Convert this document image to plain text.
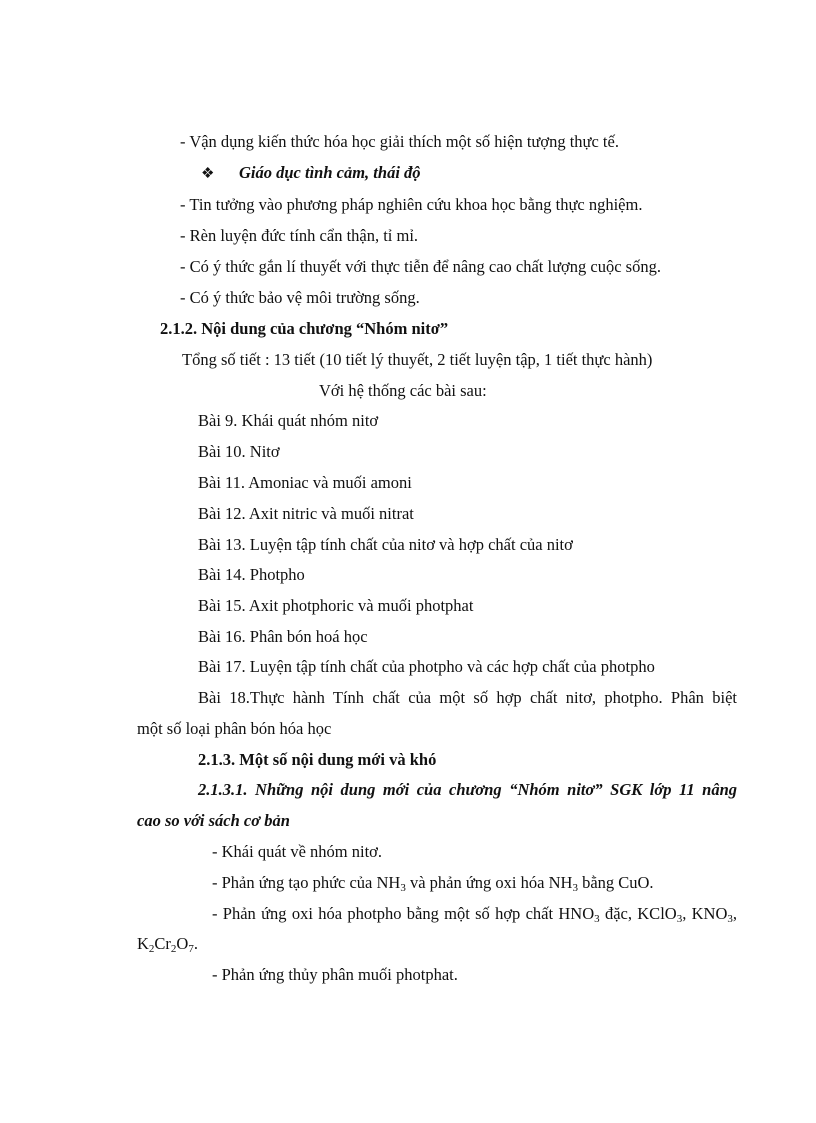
- Vận dụng kiến thức hóa học giải thích một số hiện tượng thực tế.
❖ Giáo dục tình cảm, thái độ
- Tin tưởng vào phương pháp nghiên cứu khoa học bằng thực nghiệm.
- Rèn luyện đức tính cẩn thận, tỉ mỉ.
- Có ý thức gắn lí thuyết với thực tiễn để nâng cao chất lượng cuộc sống.
- Có ý thức bảo vệ môi trường sống.
2.1.2. Nội dung của chương “Nhóm nitơ”
Tổng số tiết : 13 tiết (10 tiết lý thuyết, 2 tiết luyện tập, 1 tiết thực hành)
Với hệ thống các bài sau:
Bài 9. Khái quát nhóm nitơ
Bài 10. Nitơ
Bài 11. Amoniac và muối amoni
Bài 12. Axit nitric và muối nitrat
Bài 13. Luyện tập tính chất của nitơ và hợp chất của nitơ
Bài 14. Photpho
Bài 15. Axit photphoric và muối photphat
Bài 16. Phân bón hoá học
Bài 17. Luyện tập tính chất của photpho và các hợp chất của photpho
Bài 18.Thực hành Tính chất của một số hợp chất nitơ, photpho. Phân biệt
một số loại phân bón hóa học
2.1.3. Một số nội dung mới và khó
2.1.3.1. Những nội dung mới của chương “Nhóm nitơ” SGK lớp 11 nâng
cao so với sách cơ bản
- Khái quát về nhóm nitơ.
- Phản ứng tạo phức của $NH_3$ và phản ứng oxi hóa $NH_3$ bằng CuO.
- Phản ứng oxi hóa photpho bằng một số hợp chất $HNO_3$ đặc, KClO$_3$, $KNO_3$,
$K_2Cr_2O_7$.
- Phản ứng thủy phân muối photphat.
